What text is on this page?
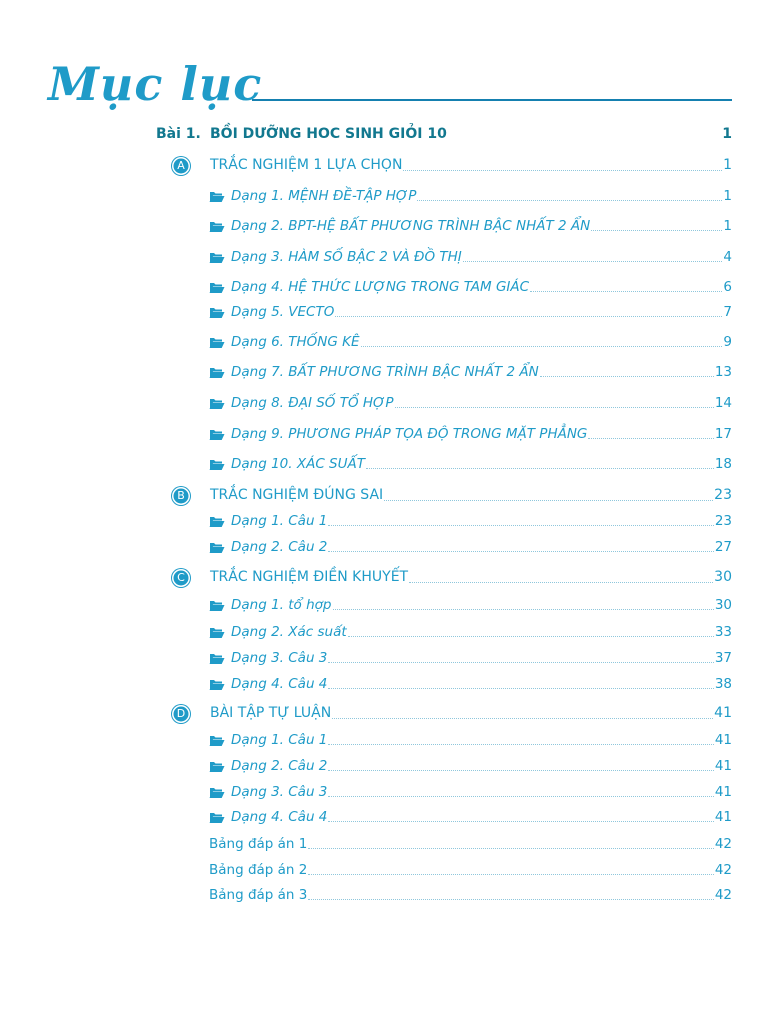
Mục lục
Bài 1. BỒI DƯỠNG HOC SINH GIỎI 10	1
A	TRẮC NGHIỆM 1 LỰA CHỌN	1
Dạng 1. MỆNH ĐỀ-TẬP HỢP	1
Dạng 2. BPT-HỆ BẤT PHƯƠNG TRÌNH BẬC NHẤT 2 ẨN	1
Dạng 3. HÀM SỐ BẬC 2 VÀ ĐỒ THỊ	4
Dạng 4. HỆ THỨC LƯỢNG TRONG TAM GIÁC	6
Dạng 5. VECTO	7
Dạng 6. THỐNG KÊ	9
Dạng 7. BẤT PHƯƠNG TRÌNH BẬC NHẤT 2 ẨN	13
Dạng 8. ĐẠI SỐ TỔ HỢP	14
Dạng 9. PHƯƠNG PHÁP TỌA ĐỘ TRONG MẶT PHẲNG	17
Dạng 10. XÁC SUẤT	18
B	TRẮC NGHIỆM ĐÚNG SAI	23
Dạng 1. Câu 1	23
Dạng 2. Câu 2	27
C	TRẮC NGHIỆM ĐIỀN KHUYẾT	30
Dạng 1. tổ hợp	30
Dạng 2. Xác suất	33
Dạng 3. Câu 3	37
Dạng 4. Câu 4	38
D	BÀI TẬP TỰ LUẬN	41
Dạng 1. Câu 1	41
Dạng 2. Câu 2	41
Dạng 3. Câu 3	41
Dạng 4. Câu 4	41
Bảng đáp án 1	42
Bảng đáp án 2	42
Bảng đáp án 3	42
